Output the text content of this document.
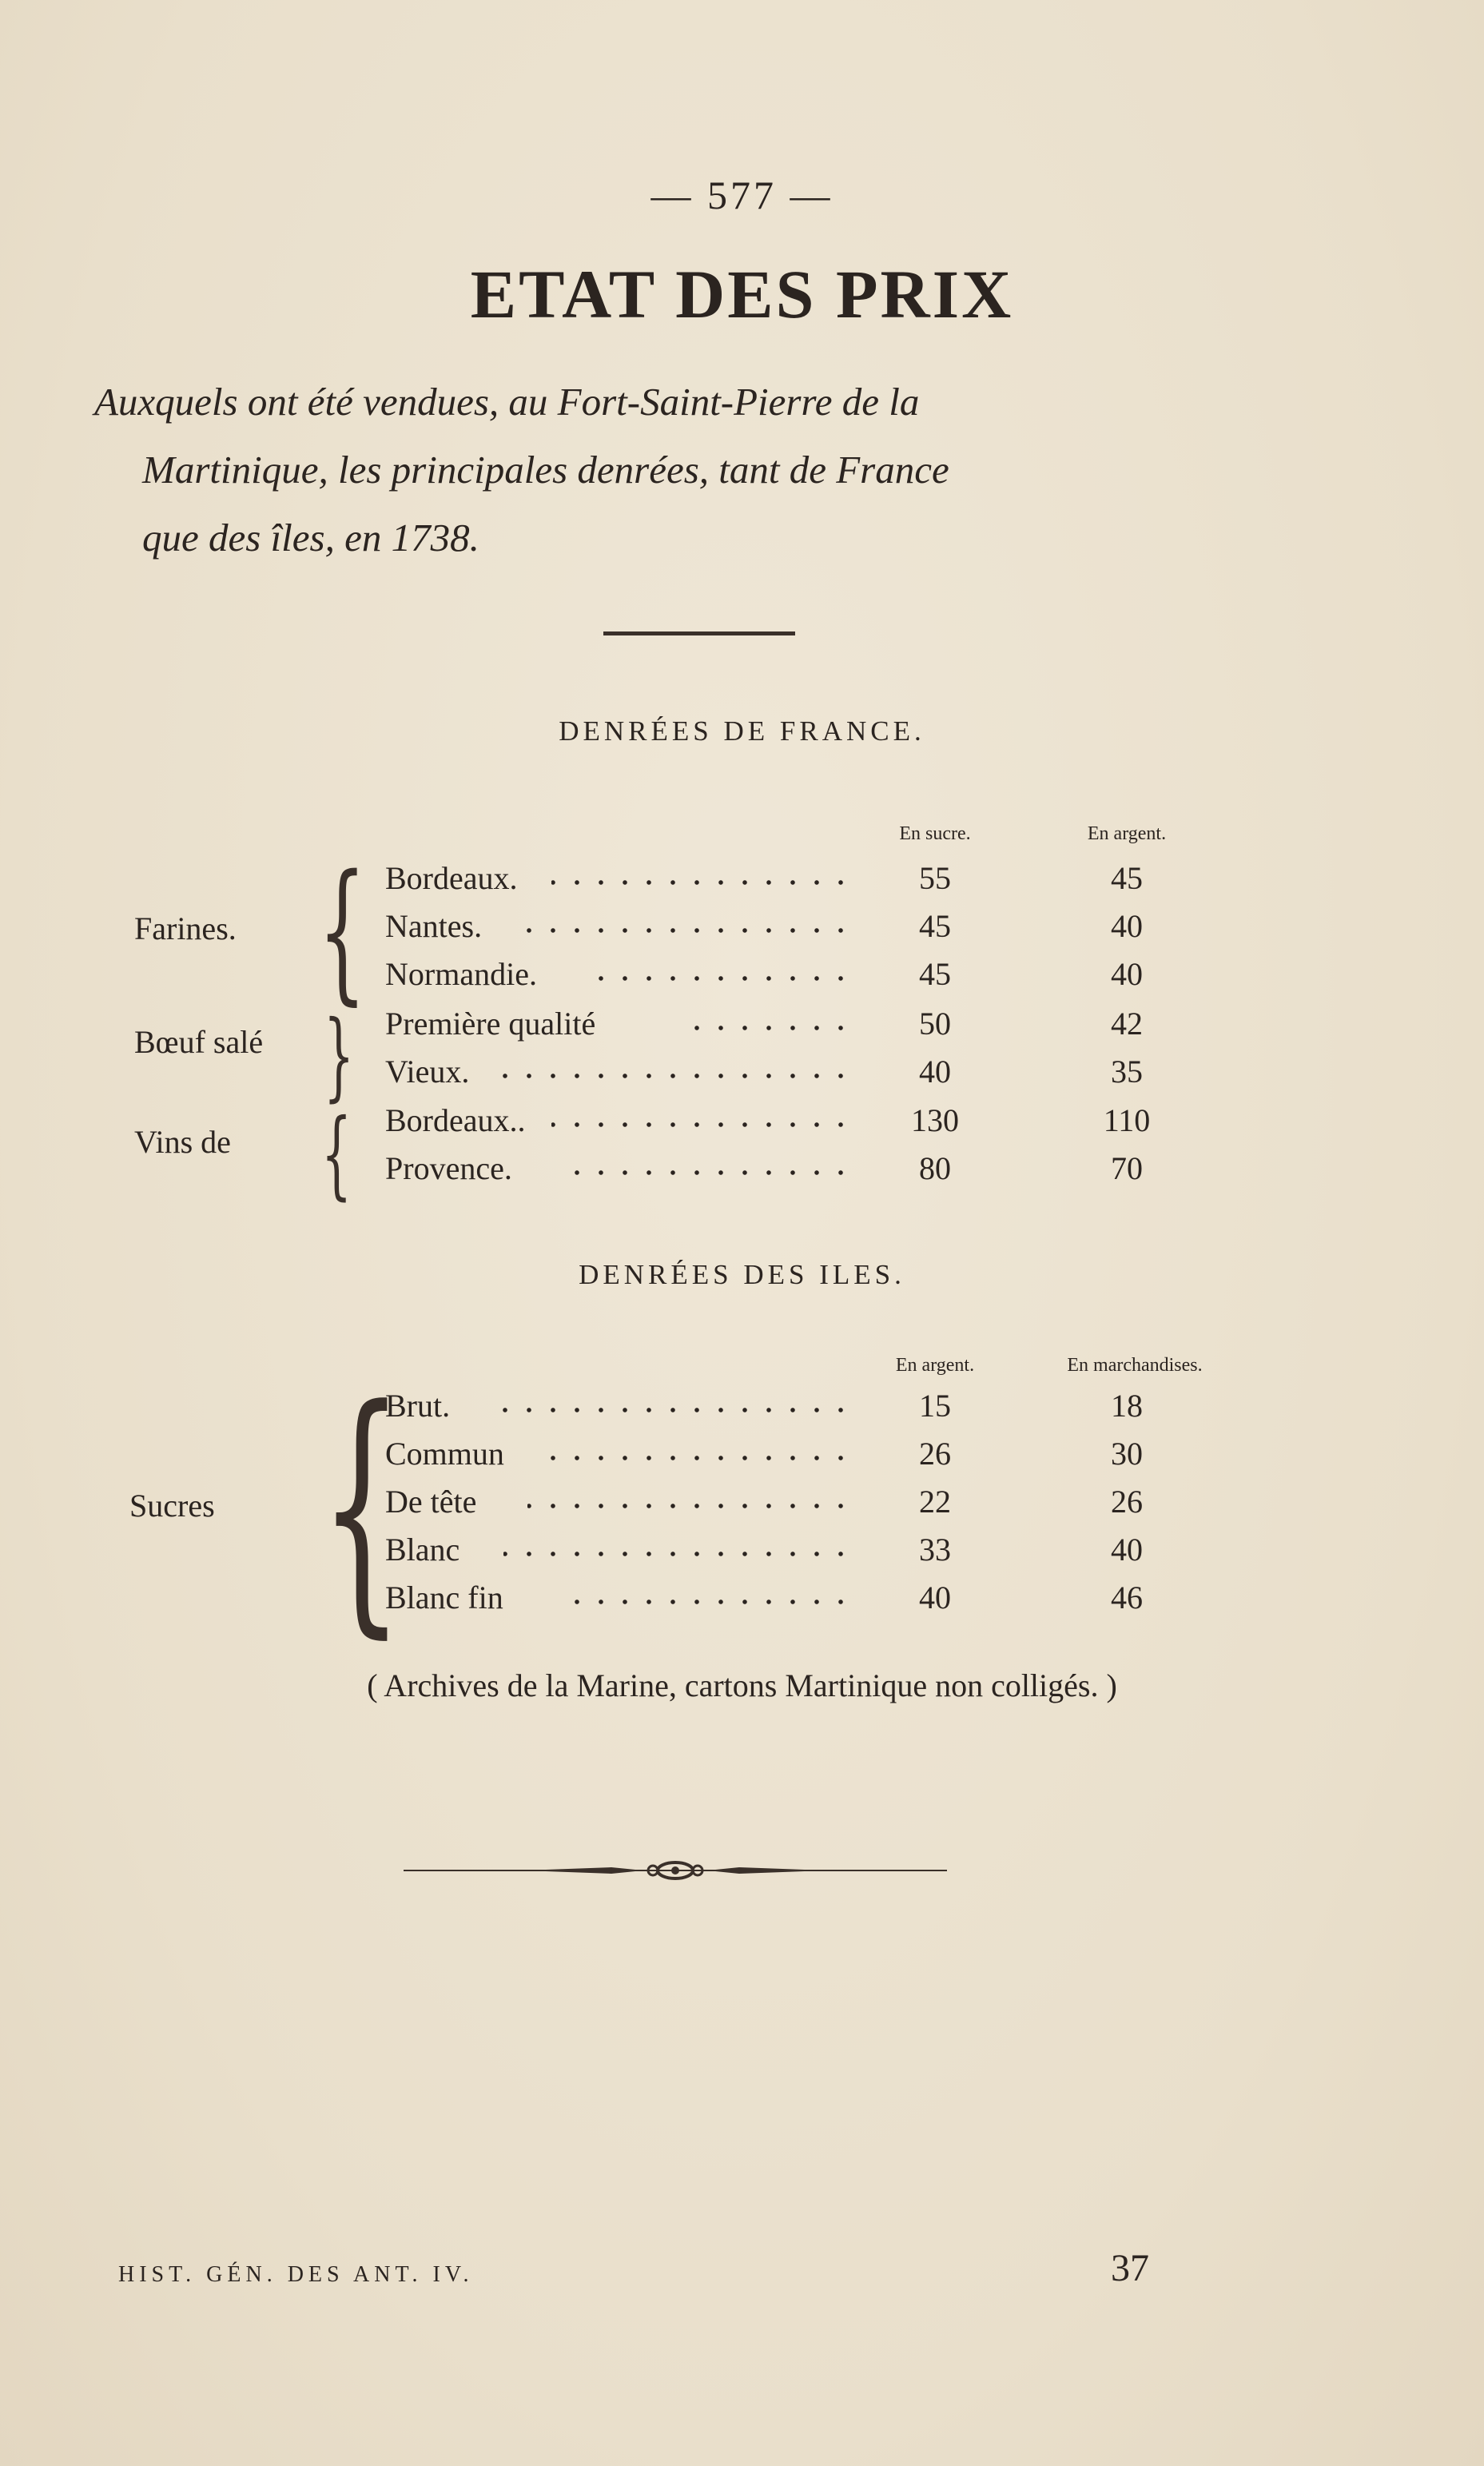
— 577 —
ETAT DES PRIX
Auxquels ont été vendues, au Fort-Saint-Pierre de la
Martinique, les principales denrées, tant de France
que des îles, en 1738.
DENRÉES DE FRANCE.
En sucre.	En argent.
Farines. { Bordeaux.	55	45
Nantes.	45	40
Normandie.	45	40
Bœuf salé } Première qualité	50	42
Vieux.	40	35
Vins de { Bordeaux..	130	110
Provence.	80	70
DENRÉES DES ILES.
En argent.	En marchandises.
Sucres {
Brut.	15	18
Commun	26	30
De tête	22	26
Blanc	33	40
Blanc fin	40	46
( Archives de la Marine, cartons Martinique non colligés. )
HIST. GÉN. DES ANT. IV.	37
